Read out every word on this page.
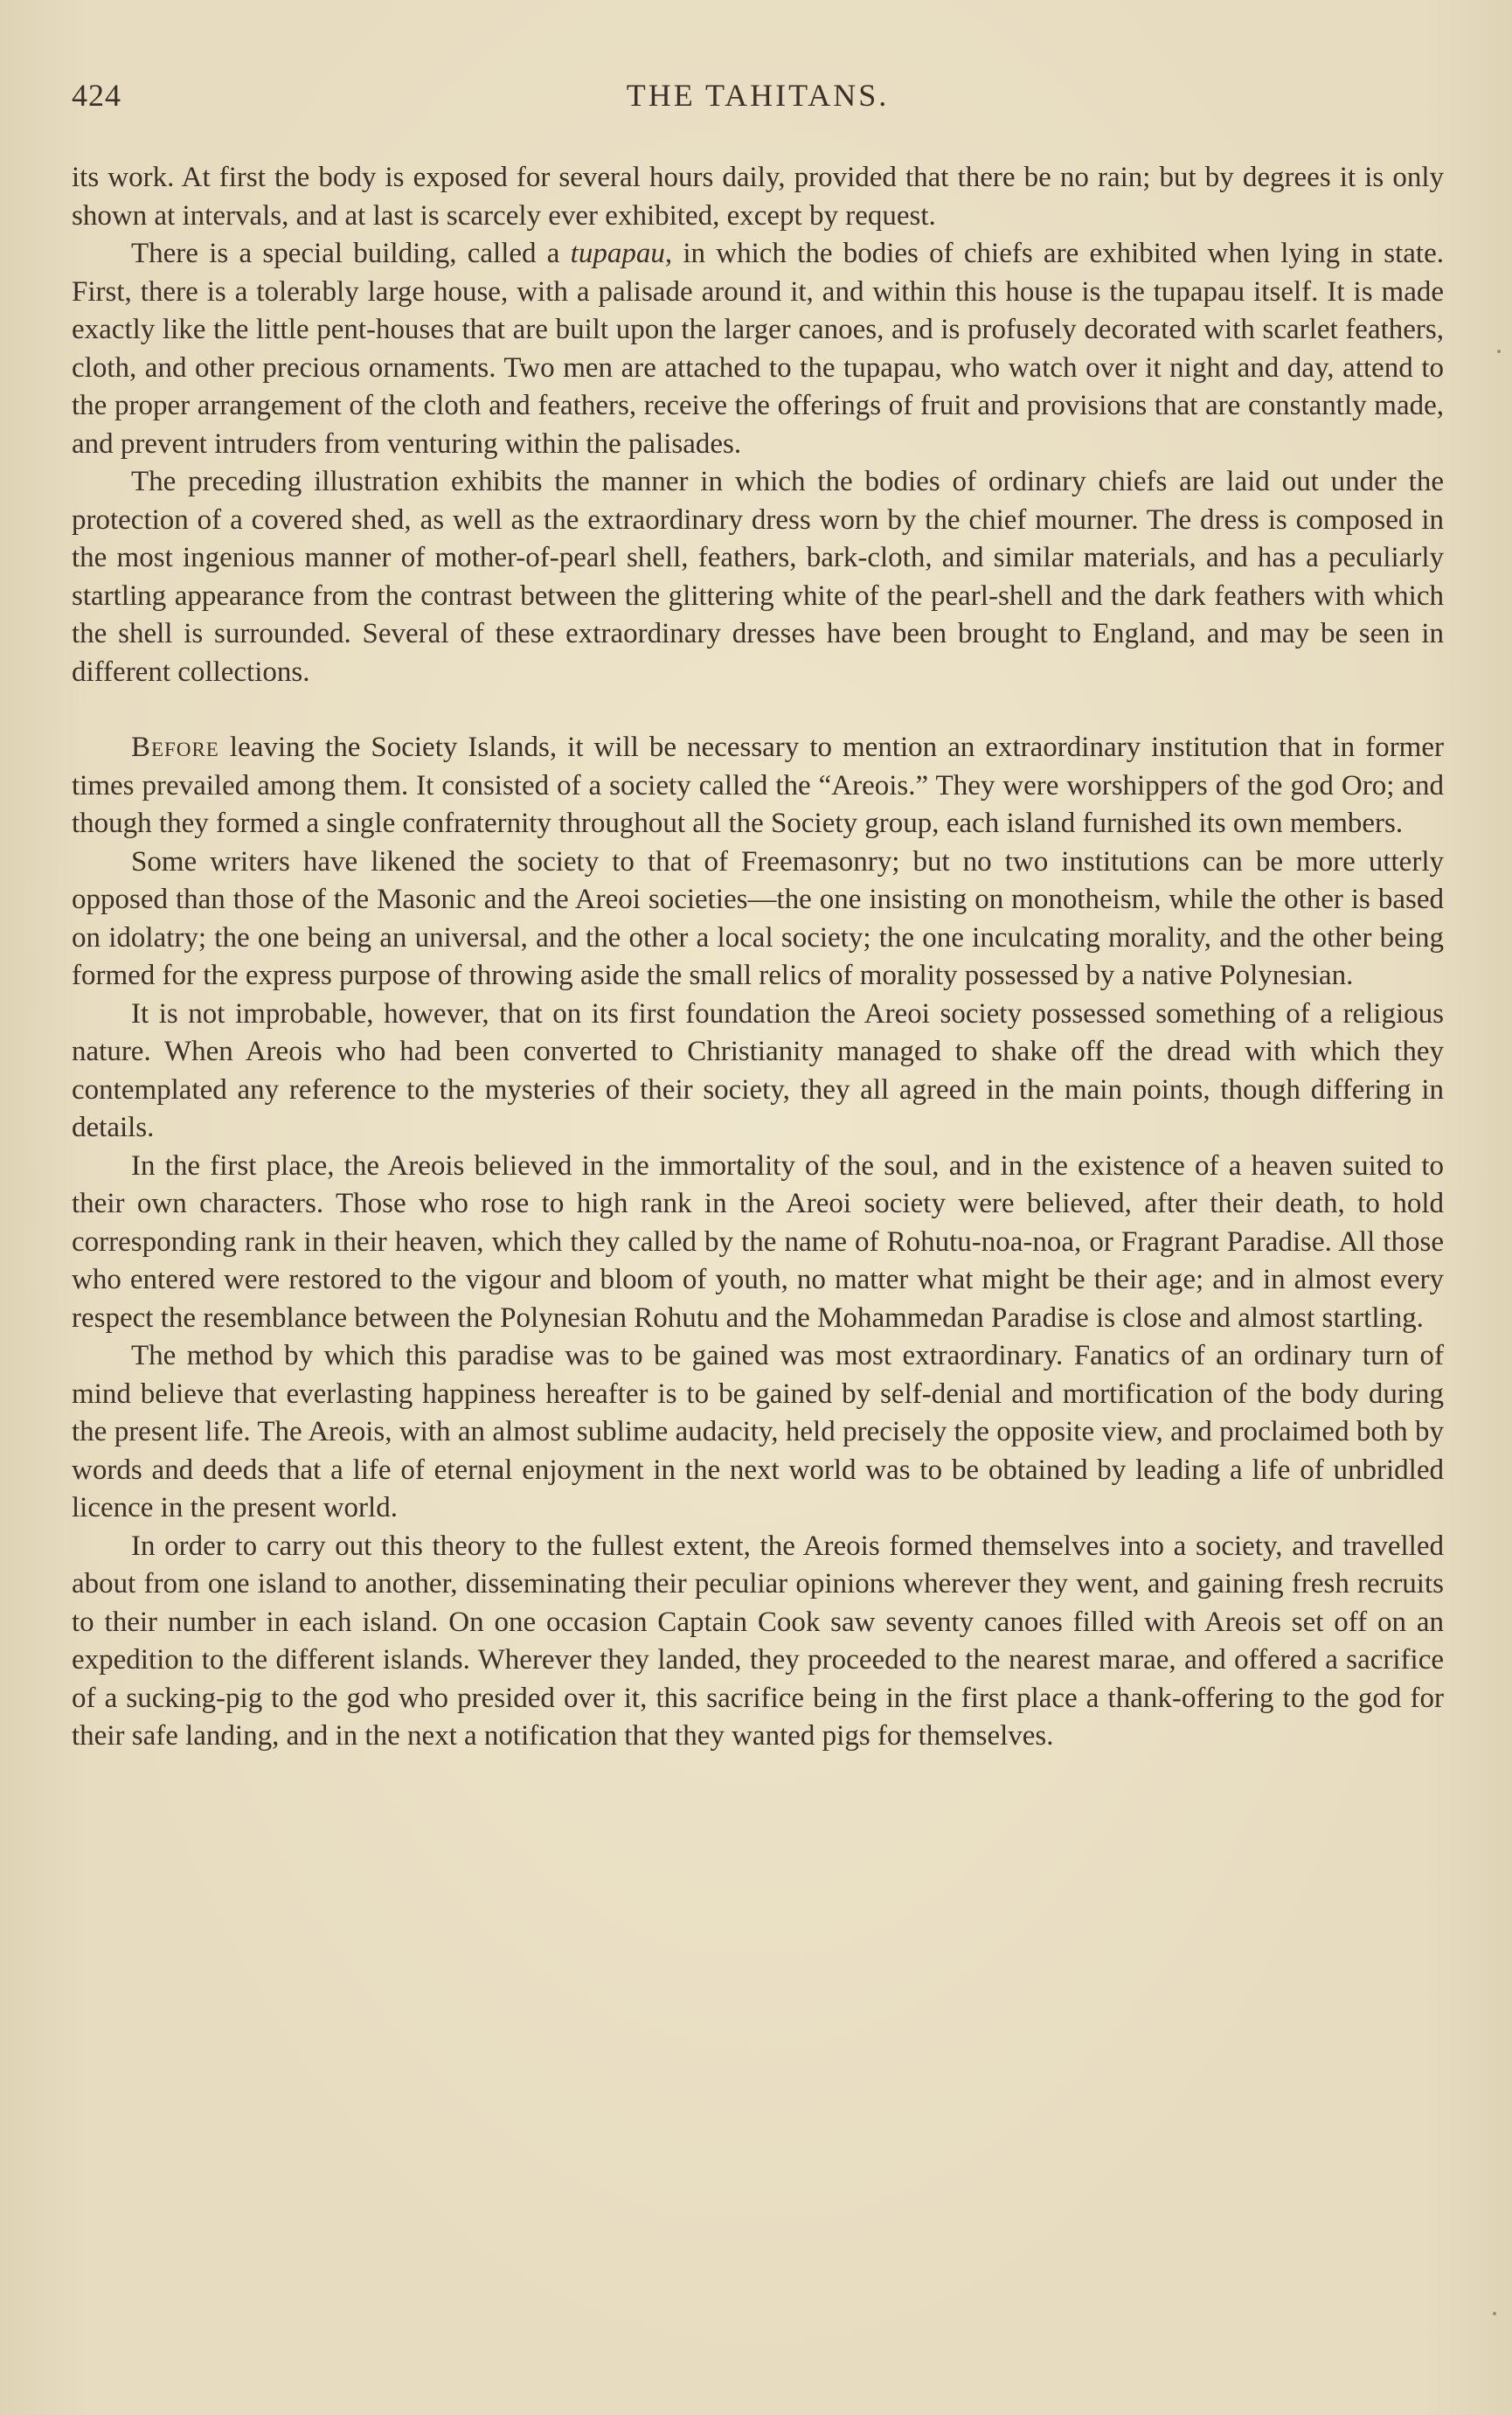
424	THE TAHITANS.

its work. At first the body is exposed for several hours daily, provided that there be no rain; but by degrees it is only shown at intervals, and at last is scarcely ever exhibited, except by request.

There is a special building, called a tupapau, in which the bodies of chiefs are exhibited when lying in state. First, there is a tolerably large house, with a palisade around it, and within this house is the tupapau itself. It is made exactly like the little pent-houses that are built upon the larger canoes, and is profusely decorated with scarlet feathers, cloth, and other precious ornaments. Two men are attached to the tupapau, who watch over it night and day, attend to the proper arrangement of the cloth and feathers, receive the offerings of fruit and provisions that are constantly made, and prevent intruders from venturing within the palisades.

The preceding illustration exhibits the manner in which the bodies of ordinary chiefs are laid out under the protection of a covered shed, as well as the extraordinary dress worn by the chief mourner. The dress is composed in the most ingenious manner of mother-of-pearl shell, feathers, bark-cloth, and similar materials, and has a peculiarly startling appearance from the contrast between the glittering white of the pearl-shell and the dark feathers with which the shell is surrounded. Several of these extraordinary dresses have been brought to England, and may be seen in different collections.

Before leaving the Society Islands, it will be necessary to mention an extraordinary institution that in former times prevailed among them. It consisted of a society called the “Areois.” They were worshippers of the god Oro; and though they formed a single confraternity throughout all the Society group, each island furnished its own members.

Some writers have likened the society to that of Freemasonry; but no two institutions can be more utterly opposed than those of the Masonic and the Areoi societies—the one insisting on monotheism, while the other is based on idolatry; the one being an universal, and the other a local society; the one inculcating morality, and the other being formed for the express purpose of throwing aside the small relics of morality possessed by a native Polynesian.

It is not improbable, however, that on its first foundation the Areoi society possessed something of a religious nature. When Areois who had been converted to Christianity managed to shake off the dread with which they contemplated any reference to the mysteries of their society, they all agreed in the main points, though differing in details.

In the first place, the Areois believed in the immortality of the soul, and in the existence of a heaven suited to their own characters. Those who rose to high rank in the Areoi society were believed, after their death, to hold corresponding rank in their heaven, which they called by the name of Rohutu-noa-noa, or Fragrant Paradise. All those who entered were restored to the vigour and bloom of youth, no matter what might be their age; and in almost every respect the resemblance between the Polynesian Rohutu and the Mohammedan Paradise is close and almost startling.

The method by which this paradise was to be gained was most extraordinary. Fanatics of an ordinary turn of mind believe that everlasting happiness hereafter is to be gained by self-denial and mortification of the body during the present life. The Areois, with an almost sublime audacity, held precisely the opposite view, and proclaimed both by words and deeds that a life of eternal enjoyment in the next world was to be obtained by leading a life of unbridled licence in the present world.

In order to carry out this theory to the fullest extent, the Areois formed themselves into a society, and travelled about from one island to another, disseminating their peculiar opinions wherever they went, and gaining fresh recruits to their number in each island. On one occasion Captain Cook saw seventy canoes filled with Areois set off on an expedition to the different islands. Wherever they landed, they proceeded to the nearest marae, and offered a sacrifice of a sucking-pig to the god who presided over it, this sacrifice being in the first place a thank-offering to the god for their safe landing, and in the next a notification that they wanted pigs for themselves.
